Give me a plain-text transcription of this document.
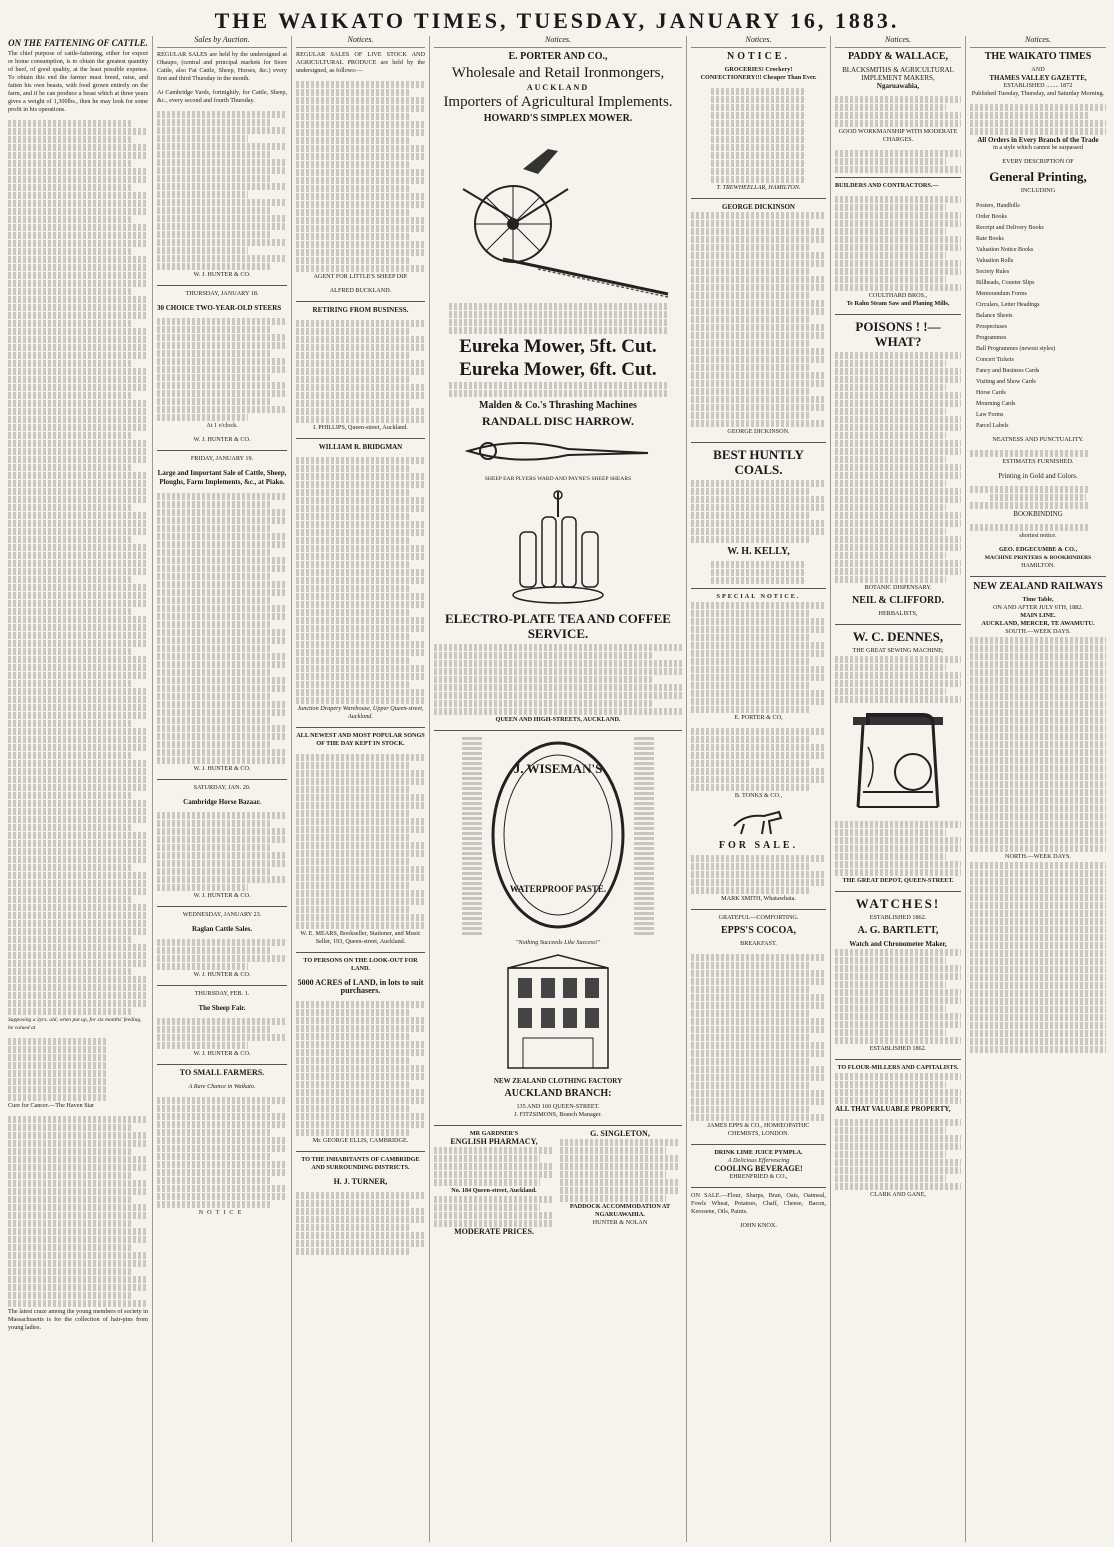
THE WAIKATO TIMES, TUESDAY, JANUARY 16, 1883.
ON THE FATTENING OF CATTLE.
The chief purpose of cattle-fattening, either for export or home consumption, is to obtain the greatest quantity of beef, of good quality, at the least possible expense. To obtain this end the farmer must breed, raise, and fatten his own beasts, with food grown entirely on the farm, and if he can produce a beast which at three years gives a weight of 1,300lbs., then he may look for some profit in his operations.
Supposing a 3yrs. old, when put up, for six months' feeding, he valued at
Cure for Cancer.—The Haven Star
The latest craze among the young members of society in Massachusetts is for the collection of hair-pins from young ladies.
Sales by Auction.
REGULAR SALES are held by the undersigned at Ohaupo, (central and principal markets for Store Cattle, also Fat Cattle, Sheep, Horses, &c.) every first and third Thursday in the month.
At Cambridge Yards, fortnightly, for Cattle, Sheep, &c., every second and fourth Thursday.
W. J. HUNTER & CO.
THURSDAY, JANUARY 18.
30 CHOICE TWO-YEAR-OLD STEERS
At 1 o'clock.
W. J. HUNTER & CO.
FRIDAY, JANUARY 19.
Large and Important Sale of Cattle, Sheep, Ploughs, Farm Implements, &c., at Piako.
W. J. HUNTER & CO.
SATURDAY, JAN. 20.
Cambridge Horse Bazaar.
W. J. HUNTER & CO.
WEDNESDAY, JANUARY 23.
Raglan Cattle Sales.
W. J. HUNTER & CO.
THURSDAY, FEB. 1.
The Sheep Fair.
W. J. HUNTER & CO.
TO SMALL FARMERS.
A Rare Chance in Waikato.
NOTICE
Notices.
REGULAR SALES OF LIVE STOCK AND AGRICULTURAL PRODUCE are held by the undersigned, as follows:—
AGENT FOR LITTLE'S SHEEP DIP.
ALFRED BUCKLAND.
RETIRING FROM BUSINESS.
I. PHILLIPS, Queen-street, Auckland.
WILLIAM R. BRIDGMAN
Junction Drapery Warehouse, Upper Queen-street, Auckland.
ALL NEWEST AND MOST POPULAR SONGS OF THE DAY KEPT IN STOCK.
W. E. MEARS, Bookseller, Stationer, and Music Seller, 193, Queen-street, Auckland.
TO PERSONS ON THE LOOK-OUT FOR LAND.
5000 ACRES of LAND, in lots to suit purchasers.
Mr. GEORGE ELLIS, CAMBRIDGE.
TO THE INHABITANTS OF CAMBRIDGE AND SURROUNDING DISTRICTS.
H. J. TURNER,
Notices.
E. PORTER AND CO.,
Wholesale and Retail Ironmongers,
AUCKLAND
Importers of Agricultural Implements.
HOWARD'S SIMPLEX MOWER.
Eureka Mower, 5ft. Cut.
Eureka Mower, 6ft. Cut.
Malden & Co.'s Thrashing Machines
RANDALL DISC HARROW.
SHEEP EAR PLYERS WARD AND PAYNE'S SHEEP SHEARS
ELECTRO-PLATE TEA AND COFFEE SERVICE.
QUEEN AND HIGH-STREETS, AUCKLAND.
J. WISEMAN'S
WATERPROOF PASTE.
"Nothing Succeeds Like Success!"
NEW ZEALAND CLOTHING FACTORY
AUCKLAND BRANCH:
135 AND 160 QUEEN-STREET.
J. FITZSIMONS, Branch Manager.
MR GARDNER'S
ENGLISH PHARMACY,
No. 184 Queen-street, Auckland.
MODERATE PRICES.
G. SINGLETON,
PADDOCK ACCOMMODATION AT NGARUAWAHIA.
HUNTER & NOLAN
Notices.
NOTICE.
GROCERIES! Crockery!
CONFECTIONERY!!! Cheaper Than Ever.
T. TREWHEELLAR, HAMILTON.
GEORGE DICKINSON
GEORGE DICKINSON.
BEST HUNTLY COALS.
W. H. KELLY,
SPECIAL NOTICE.
E. PORTER & CO,
B. TONKS & CO.,
FOR SALE.
MARK SMITH, Whatawhata.
GRATEFUL—COMFORTING.
EPPS'S COCOA,
BREAKFAST.
JAMES EPPS & CO., HOMŒOPATHIC CHEMISTS, LONDON.
DRINK LIME JUICE PYMPLA.
A Delicious Effervescing
COOLING BEVERAGE!
EHRENFRIED & CO.,
ON SALE.—Flour, Sharps, Bran, Oats, Oatmeal, Fowls Wheat, Potatoes, Chaff, Cheese, Bacon, Kerosene, Oils, Paints.
JOHN KNOX.
Notices.
PADDY & WALLACE,
BLACKSMITHS & AGRICULTURAL IMPLEMENT MAKERS,
Ngaruawahia,
GOOD WORKMANSHIP WITH MODERATE CHARGES.
BUILDERS AND CONTRACTORS.—
COULTHARD BROS.,
Te Rahu Steam Saw and Planing Mills,
POISONS ! !—WHAT?
BOTANIC DISPENSARY.
NEIL & CLIFFORD.
HERBALISTS,
W. C. DENNES,
THE GREAT SEWING MACHINE;
THE GREAT DEPOT, QUEEN-STREET.
WATCHES!
ESTABLISHED 1862.
A. G. BARTLETT,
Watch and Chronometer Maker,
ESTABLISHED 1862.
TO FLOUR-MILLERS AND CAPITALISTS.
ALL THAT VALUABLE PROPERTY,
CLARK AND GANE,
Notices.
THE WAIKATO TIMES
AND
THAMES VALLEY GAZETTE,
ESTABLISHED ........ 1872
Published Tuesday, Thursday, and Saturday Morning.
All Orders in Every Branch of the Trade
in a style which cannot be surpassed
EVERY DESCRIPTION OF
General Printing,
INCLUDING
Posters, Handbills
Order Books
Receipt and Delivery Books
Rate Books
Valuation Notice Books
Valuation Rolls
Society Rules
Billheads, Counter Slips
Memorandum Forms
Circulars, Letter Headings
Balance Sheets
Prospectuses
Programmes
Ball Programmes (newest styles)
Concert Tickets
Fancy and Business Cards
Visiting and Show Cards
Horse Cards
Mourning Cards
Law Forms
Parcel Labels
NEATNESS AND PUNCTUALITY.
ESTIMATES FURNISHED.
Printing in Gold and Colors.
BOOKBINDING
shortest notice.
GEO. EDGECUMBE & CO.,
MACHINE PRINTERS & BOOKBINDERS
HAMILTON.
NEW ZEALAND RAILWAYS
Time Table,
ON AND AFTER JULY 6TH, 1882.
MAIN LINE.
AUCKLAND, MERCER, TE AWAMUTU.
SOUTH.—WEEK DAYS.
NORTH.—WEEK DAYS.
